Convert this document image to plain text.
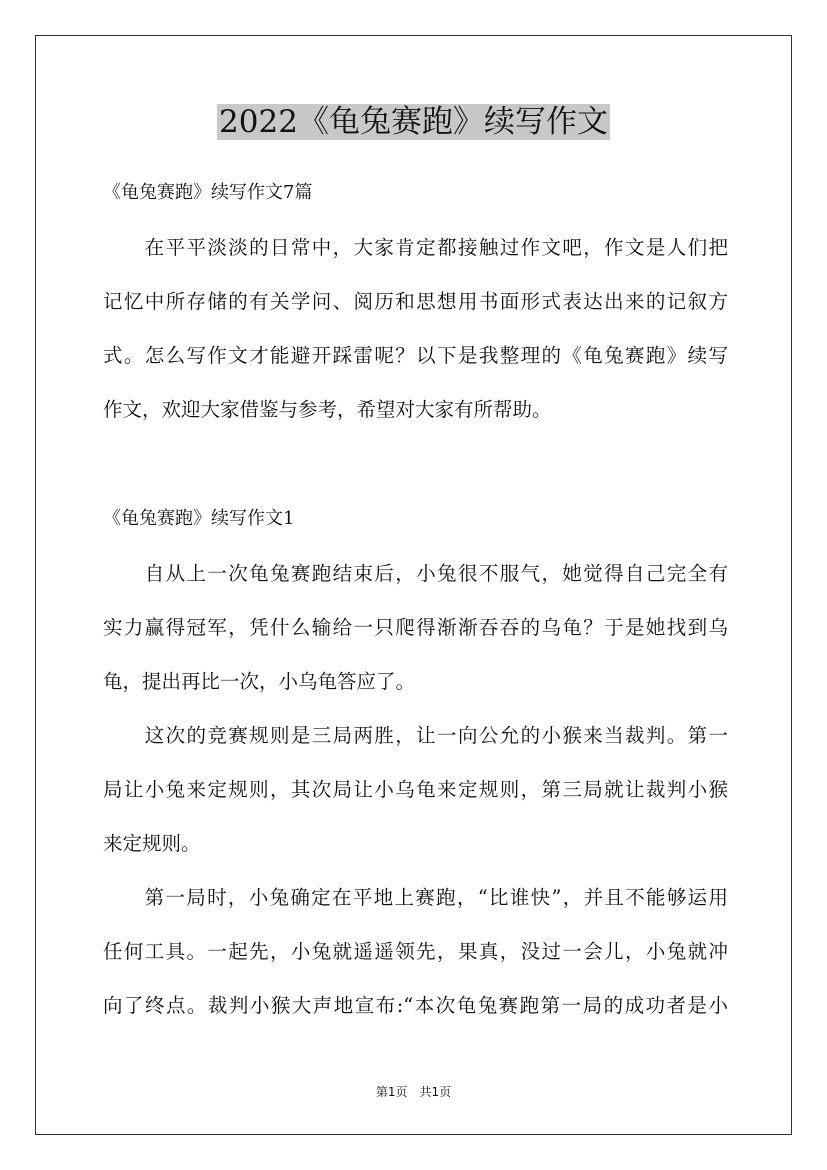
2022《龟兔赛跑》续写作文
《龟兔赛跑》续写作文7篇
　　在平平淡淡的日常中，大家肯定都接触过作文吧，作文是人们把
记忆中所存储的有关学问、阅历和思想用书面形式表达出来的记叙方
式。怎么写作文才能避开踩雷呢？以下是我整理的《龟兔赛跑》续写
作文，欢迎大家借鉴与参考，希望对大家有所帮助。
《龟兔赛跑》续写作文1
　　自从上一次龟兔赛跑结束后，小兔很不服气，她觉得自己完全有
实力赢得冠军，凭什么输给一只爬得渐渐吞吞的乌龟？于是她找到乌
龟，提出再比一次，小乌龟答应了。
　　这次的竞赛规则是三局两胜，让一向公允的小猴来当裁判。第一
局让小兔来定规则，其次局让小乌龟来定规则，第三局就让裁判小猴
来定规则。
　　第一局时，小兔确定在平地上赛跑，“比谁快”，并且不能够运用
任何工具。一起先，小兔就遥遥领先，果真，没过一会儿，小兔就冲
向了终点。裁判小猴大声地宣布:“本次龟兔赛跑第一局的成功者是小
第1页　共1页
